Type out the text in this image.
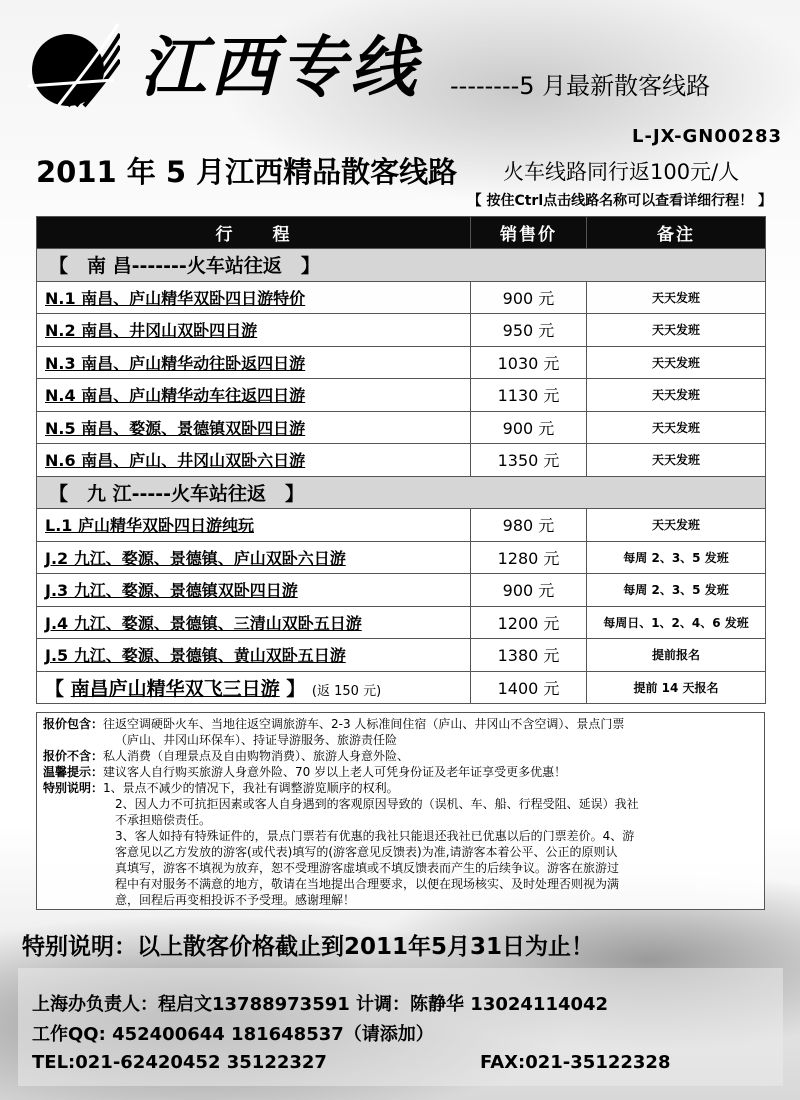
江西专线 --------5 月最新散客线路
L-JX-GN00283
2011 年 5 月江西精品散客线路 火车线路同行返100元/人
【 按住Ctrl点击线路名称可以查看详细行程！ 】
行　　程	销售价	备注
【　南 昌-------火车站往返　】		
N.1 南昌、庐山精华双卧四日游特价	900 元	天天发班
N.2 南昌、井冈山双卧四日游	950 元	天天发班
N.3 南昌、庐山精华动往卧返四日游	1030 元	天天发班
N.4 南昌、庐山精华动车往返四日游	1130 元	天天发班
N.5 南昌、婺源、景德镇双卧四日游	900 元	天天发班
N.6 南昌、庐山、井冈山双卧六日游	1350 元	天天发班
【　九 江-----火车站往返　】		
L.1 庐山精华双卧四日游纯玩	980 元	天天发班
J.2 九江、婺源、景德镇、庐山双卧六日游	1280 元	每周 2、3、5 发班
J.3 九江、婺源、景德镇双卧四日游	900 元	每周 2、3、5 发班
J.4 九江、婺源、景德镇、三清山双卧五日游	1200 元	每周日、1、2、4、6 发班
J.5 九江、婺源、景德镇、黄山双卧五日游	1380 元	提前报名
【 南昌庐山精华双飞三日游 】 (返 150 元)	1400 元	提前 14 天报名
报价包含： 往返空调硬卧火车、当地往返空调旅游车、2-3 人标准间住宿（庐山、井冈山不含空调）、景点门票
（庐山、井冈山环保车）、持证导游服务、旅游责任险
报价不含： 私人消费（自理景点及自由购物消费）、旅游人身意外险、
温馨提示： 建议客人自行购买旅游人身意外险、70 岁以上老人可凭身份证及老年证享受更多优惠！
特别说明： 1、景点不减少的情况下，我社有调整游览顺序的权利。
2、因人力不可抗拒因素或客人自身遇到的客观原因导致的（误机、车、船、行程受阻、延误）我社
不承担赔偿责任。
3、客人如持有特殊证件的，景点门票若有优惠的我社只能退还我社已优惠以后的门票差价。4、游
客意见以乙方发放的游客(或代表)填写的(游客意见反馈表)为准,请游客本着公平、公正的原则认
真填写，游客不填视为放弃，恕不受理游客虚填或不填反馈表而产生的后续争议。游客在旅游过
程中有对服务不满意的地方，敬请在当地提出合理要求，以便在现场核实、及时处理否则视为满
意，回程后再变相投诉不予受理。感谢理解！
特别说明：以上散客价格截止到2011年5月31日为止！
上海办负责人：程启文13788973591 计调：陈静华 13024114042
工作QQ: 452400644 181648537（请添加）
TEL:021-62420452 35122327	FAX:021-35122328
